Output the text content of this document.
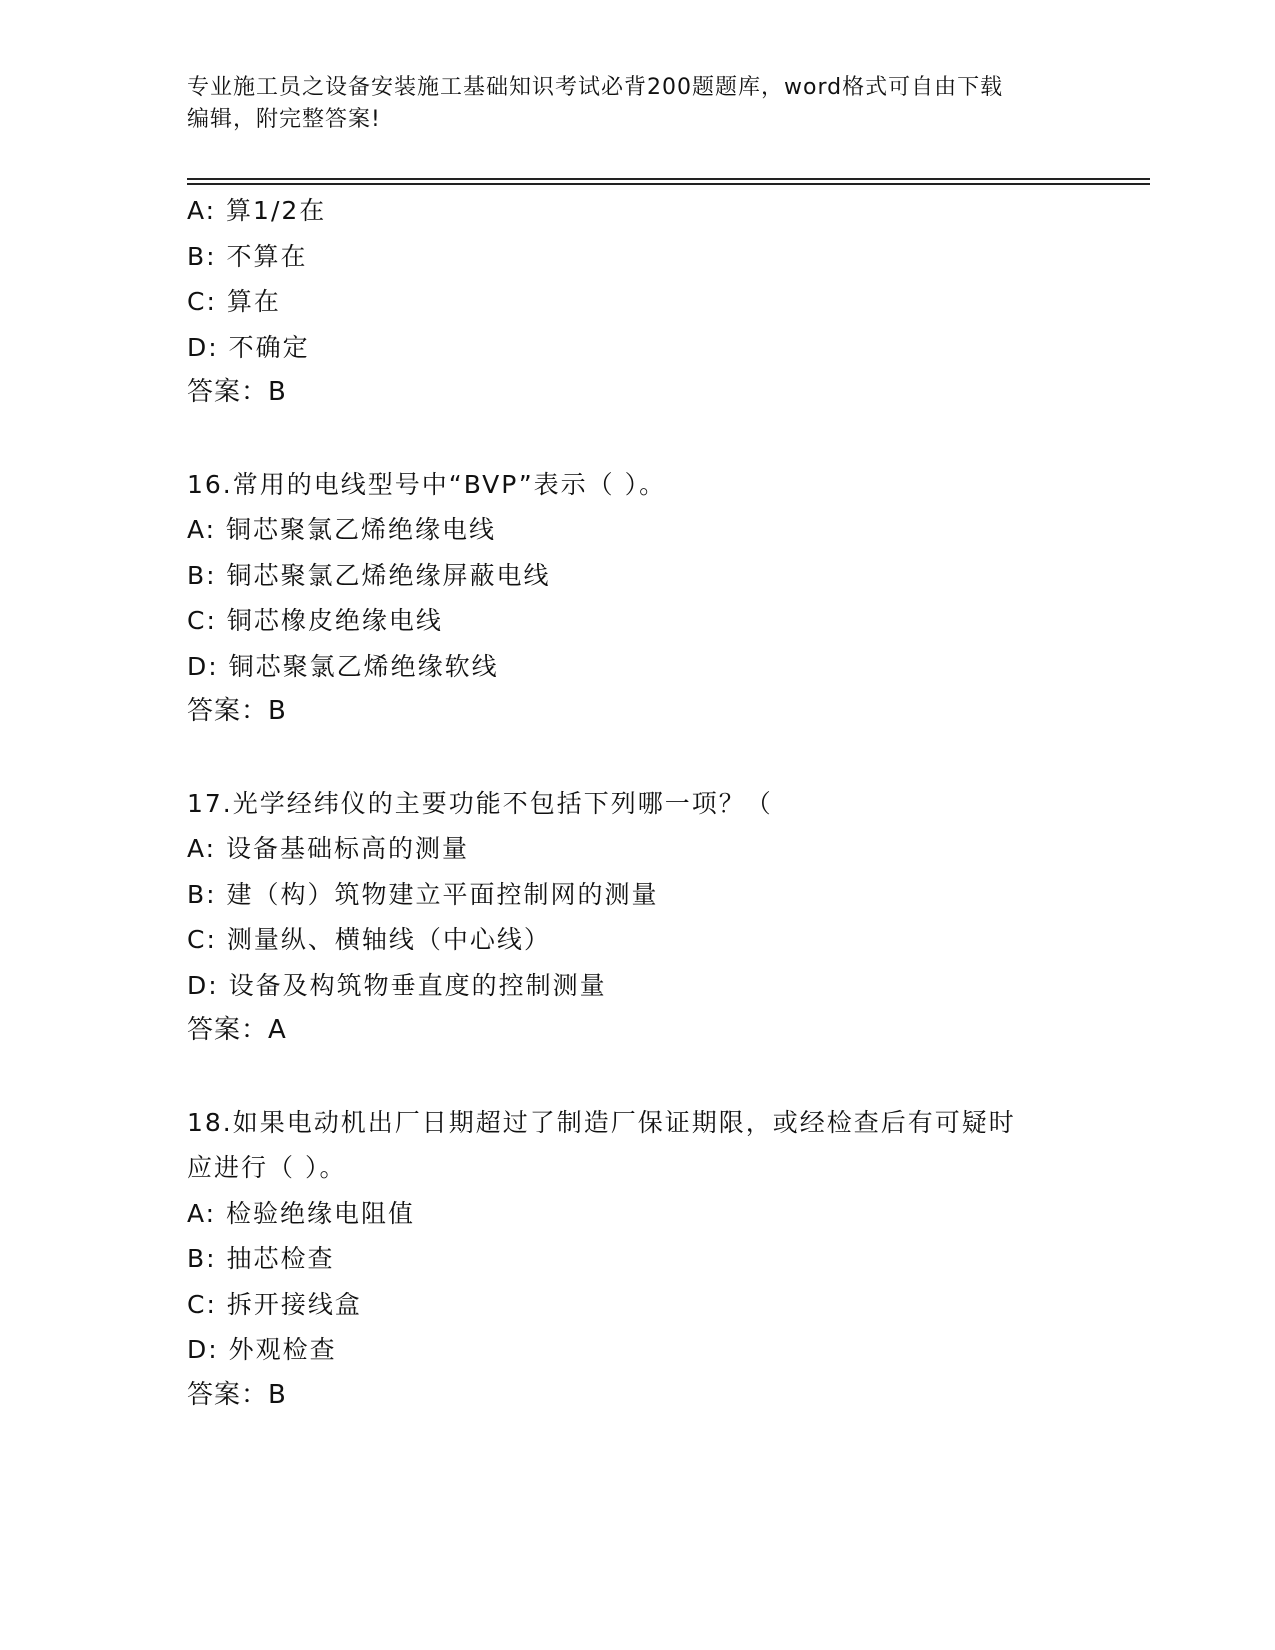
专业施工员之设备安装施工基础知识考试必背200题题库，word格式可自由下载
编辑，附完整答案!
A: 算1/2在
B: 不算在
C: 算在
D: 不确定
答案：B
16.常用的电线型号中“BVP”表示（ ）。
A: 铜芯聚氯乙烯绝缘电线
B: 铜芯聚氯乙烯绝缘屏蔽电线
C: 铜芯橡皮绝缘电线
D: 铜芯聚氯乙烯绝缘软线
答案：B
17.光学经纬仪的主要功能不包括下列哪一项？（
A: 设备基础标高的测量
B: 建（构）筑物建立平面控制网的测量
C: 测量纵、横轴线（中心线）
D: 设备及构筑物垂直度的控制测量
答案：A
18.如果电动机出厂日期超过了制造厂保证期限，或经检查后有可疑时
应进行（ ）。
A: 检验绝缘电阻值
B: 抽芯检查
C: 拆开接线盒
D: 外观检查
答案：B
